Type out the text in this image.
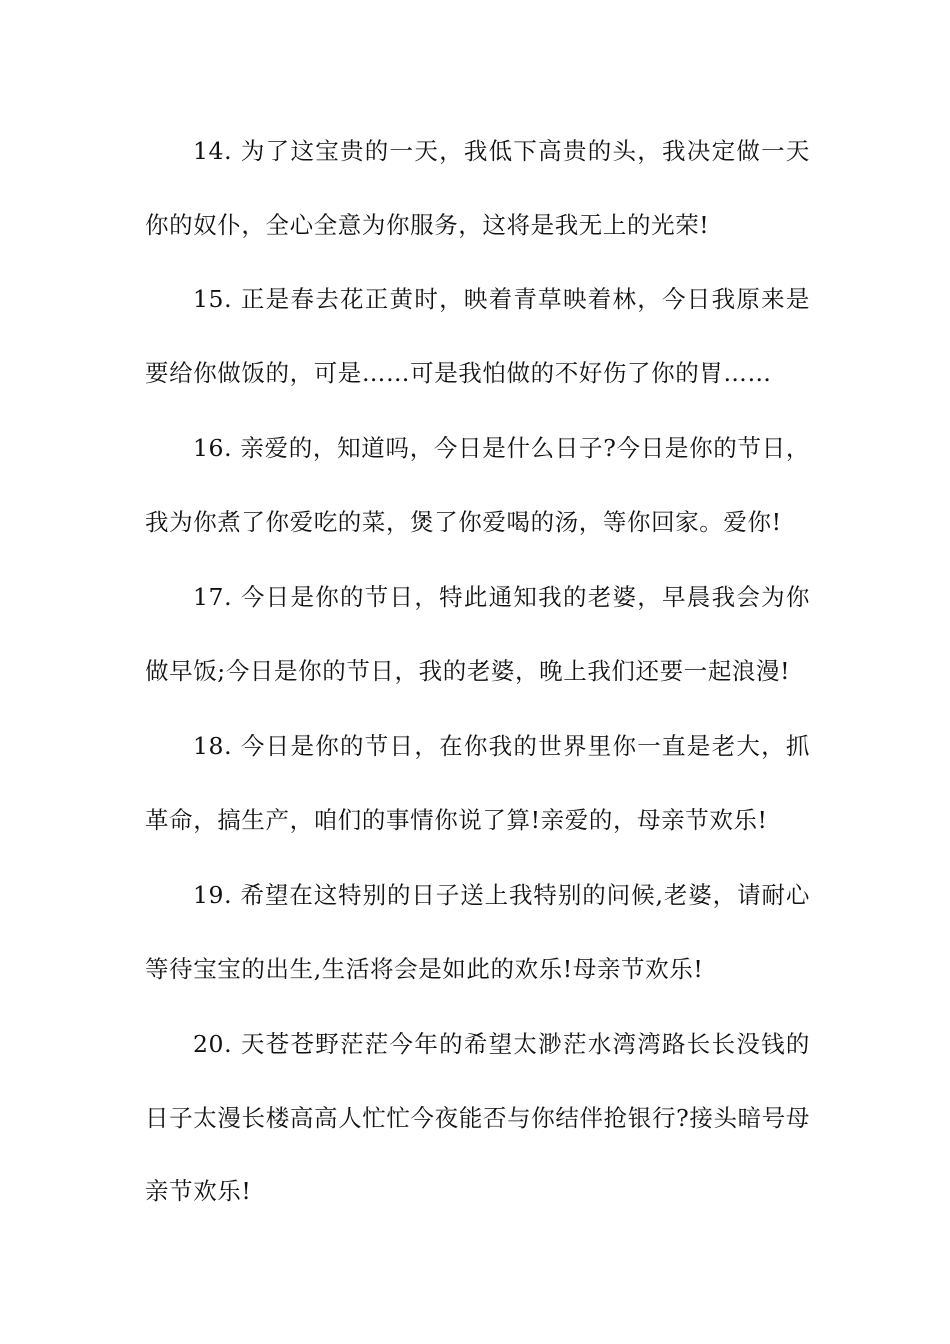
14. 为了这宝贵的一天，我低下高贵的头，我决定做一天你的奴仆，全心全意为你服务，这将是我无上的光荣!

15. 正是春去花正黄时，映着青草映着林，今日我原来是要给你做饭的，可是……可是我怕做的不好伤了你的胃……

16. 亲爱的，知道吗，今日是什么日子?今日是你的节日，我为你煮了你爱吃的菜，煲了你爱喝的汤，等你回家。爱你!

17. 今日是你的节日，特此通知我的老婆，早晨我会为你做早饭;今日是你的节日，我的老婆，晚上我们还要一起浪漫!

18. 今日是你的节日，在你我的世界里你一直是老大，抓革命，搞生产，咱们的事情你说了算!亲爱的，母亲节欢乐!

19. 希望在这特别的日子送上我特别的问候,老婆，请耐心等待宝宝的出生,生活将会是如此的欢乐!母亲节欢乐!

20. 天苍苍野茫茫今年的希望太渺茫水湾湾路长长没钱的日子太漫长楼高高人忙忙今夜能否与你结伴抢银行?接头暗号母亲节欢乐!
